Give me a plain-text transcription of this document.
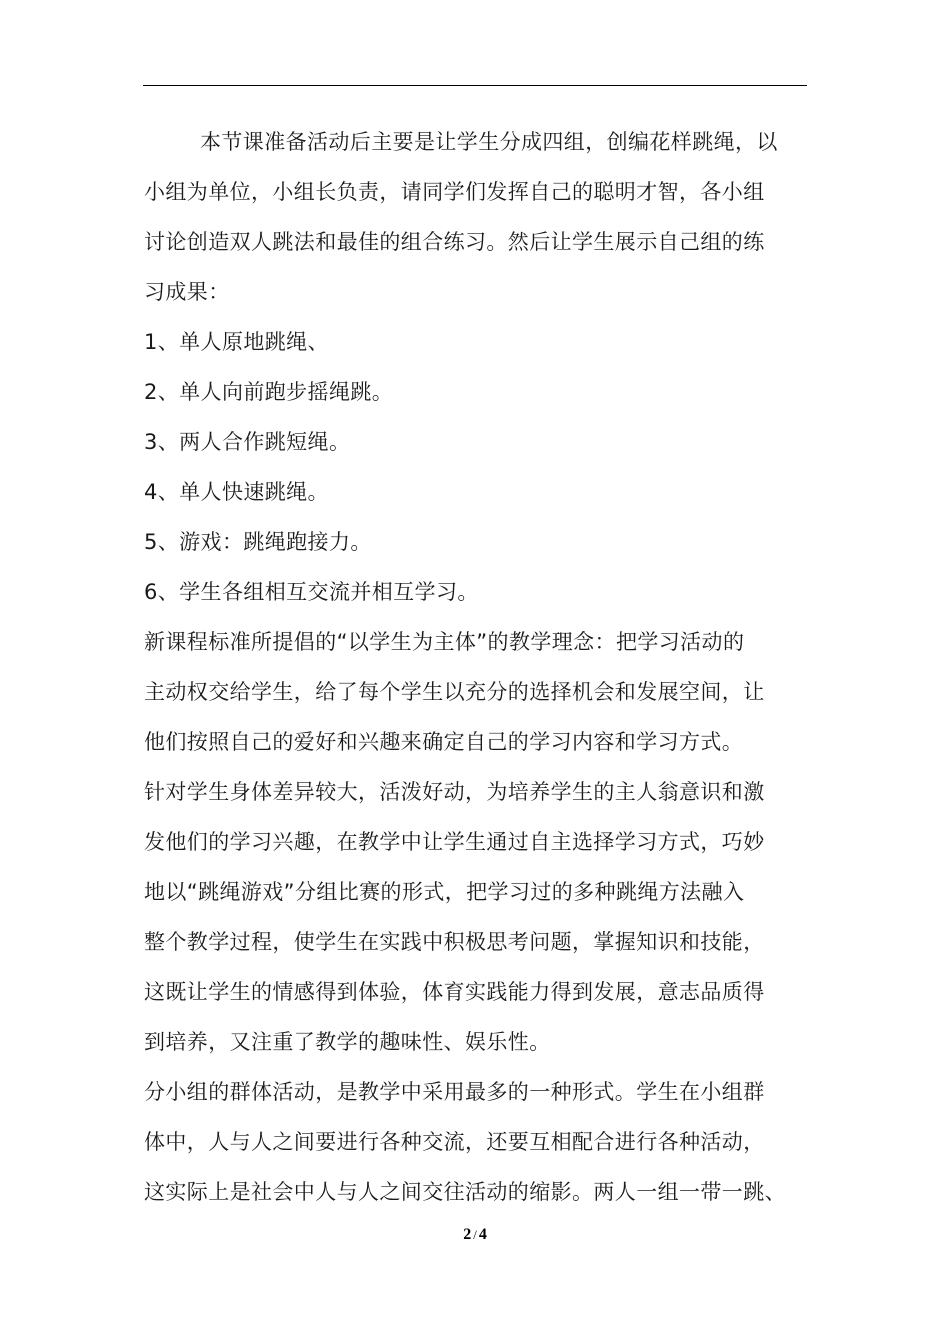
本节课准备活动后主要是让学生分成四组，创编花样跳绳，以
小组为单位，小组长负责，请同学们发挥自己的聪明才智，各小组
讨论创造双人跳法和最佳的组合练习。然后让学生展示自己组的练
习成果：
1、单人原地跳绳、
2、单人向前跑步摇绳跳。
3、两人合作跳短绳。
4、单人快速跳绳。
5、游戏：跳绳跑接力。
6、学生各组相互交流并相互学习。
新课程标准所提倡的“以学生为主体”的教学理念：把学习活动的
主动权交给学生，给了每个学生以充分的选择机会和发展空间，让
他们按照自己的爱好和兴趣来确定自己的学习内容和学习方式。
针对学生身体差异较大，活泼好动，为培养学生的主人翁意识和激
发他们的学习兴趣，在教学中让学生通过自主选择学习方式，巧妙
地以“跳绳游戏”分组比赛的形式，把学习过的多种跳绳方法融入
整个教学过程，使学生在实践中积极思考问题，掌握知识和技能，
这既让学生的情感得到体验，体育实践能力得到发展，意志品质得
到培养，又注重了教学的趣味性、娱乐性。
分小组的群体活动，是教学中采用最多的一种形式。学生在小组群
体中，人与人之间要进行各种交流，还要互相配合进行各种活动，
这实际上是社会中人与人之间交往活动的缩影。两人一组一带一跳、
2 / 4
